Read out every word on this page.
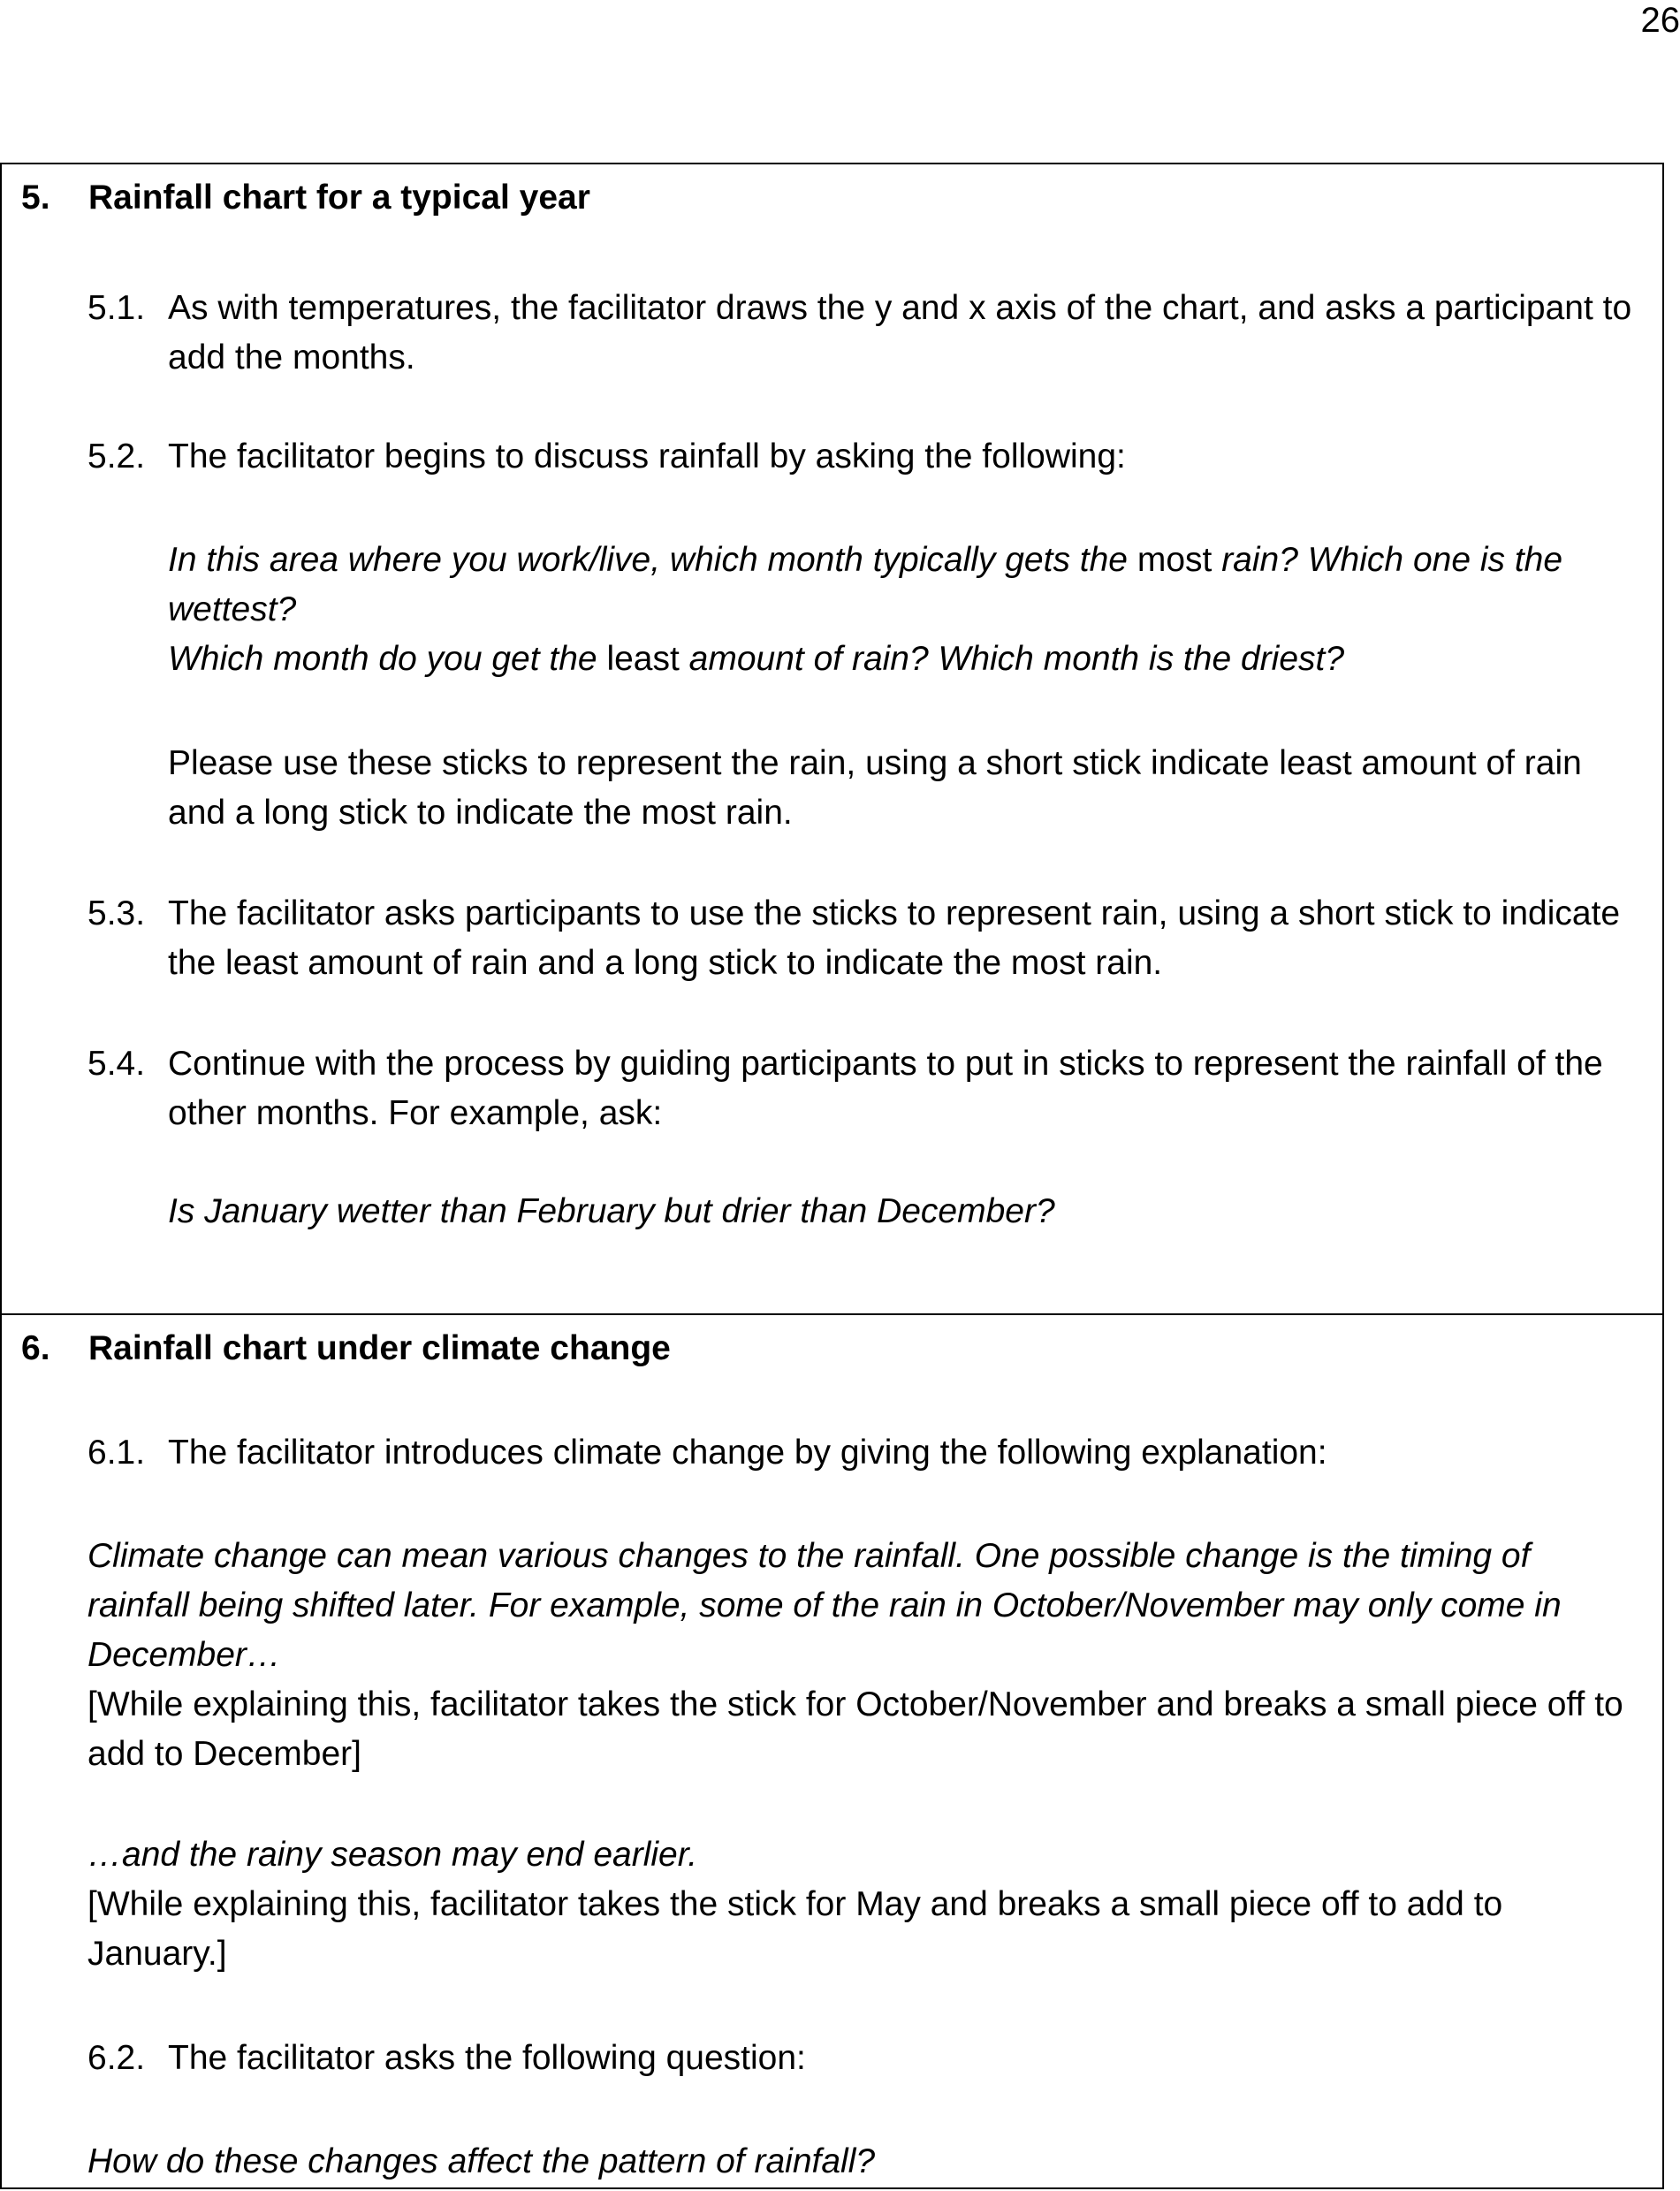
26
5. Rainfall chart for a typical year
5.1. As with temperatures, the facilitator draws the y and x axis of the chart, and asks a participant to add the months.

5.2. The facilitator begins to discuss rainfall by asking the following:

In this area where you work/live, which month typically gets the most rain? Which one is the wettest?

Which month do you get the least amount of rain? Which month is the driest?

Please use these sticks to represent the rain, using a short stick indicate least amount of rain and a long stick to indicate the most rain.

5.3. The facilitator asks participants to use the sticks to represent rain, using a short stick to indicate the least amount of rain and a long stick to indicate the most rain.

5.4. Continue with the process by guiding participants to put in sticks to represent the rainfall of the other months. For example, ask:

Is January wetter than February but drier than December?

6. Rainfall chart under climate change
6.1. The facilitator introduces climate change by giving the following explanation:

Climate change can mean various changes to the rainfall. One possible change is the timing of rainfall being shifted later. For example, some of the rain in October/November may only come in December…

[While explaining this, facilitator takes the stick for October/November and breaks a small piece off to add to December]

…and the rainy season may end earlier.

[While explaining this, facilitator takes the stick for May and breaks a small piece off to add to January.]

6.2. The facilitator asks the following question:

How do these changes affect the pattern of rainfall?
